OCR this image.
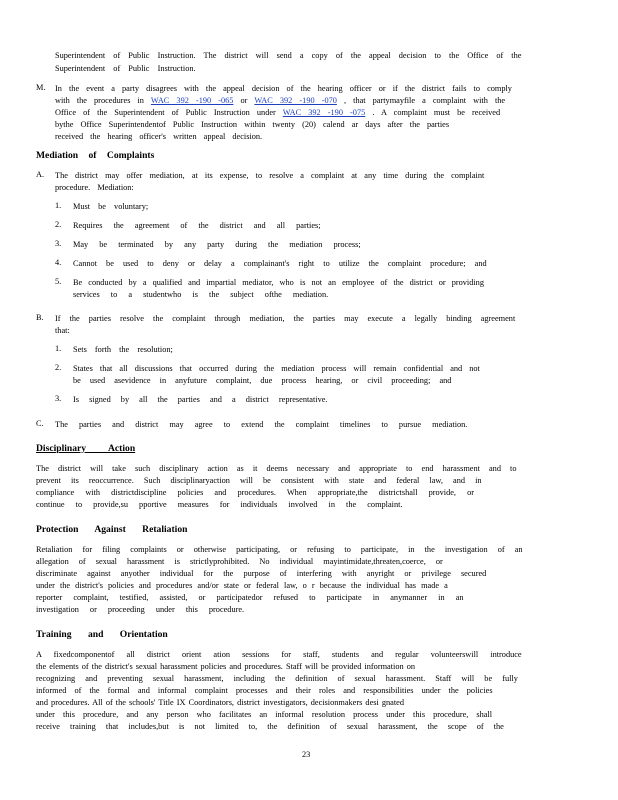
Superintendent of Public Instruction. The district will send a copy of the appeal decision to the Office of the
Superintendent of Public Instruction.
M. In the event a party disagrees with the appeal decision of the hearing officer or if the district fails to comply
with the procedures in WAC 392 -190 -065 or WAC 392 -190 -070 , that partymayfile a complaint with the
Office of the Superintendent of Public Instruction under WAC 392 -190 -075 . A complaint must be received
bythe Office Superintendentof Public Instruction within twenty (20) calend ar days after the parties
received the hearing officer's written appeal decision.
Mediation of Complaints
A. The district may offer mediation, at its expense, to resolve a complaint at any time during the complaint
procedure. Mediation:
1. Must be voluntary;
2. Requires the agreement of the district and all parties;
3. May be terminated by any party during the mediation process;
4. Cannot be used to deny or delay a complainant's right to utilize the complaint procedure; and
5. Be conducted by a qualified and impartial mediator, who is not an employee of the district or providing
services to a studentwho is the subject ofthe mediation.
B. If the parties resolve the complaint through mediation, the parties may execute a legally binding agreement
that:
1. Sets forth the resolution;
2. States that all discussions that occurred during the mediation process will remain confidential and not
be used asevidence in anyfuture complaint, due process hearing, or civil proceeding; and
3. Is signed by all the parties and a district representative.
C. The parties and district may agree to extend the complaint timelines to pursue mediation.
Disciplinary Action
The district will take such disciplinary action as it deems necessary and appropriate to end harassment and to
prevent its reoccurrence. Such disciplinaryaction will be consistent with state and federal law, and in
compliance with districtdiscipline policies and procedures. When appropriate,the districtshall provide, or
continue to provide,su pportive measures for individuals involved in the complaint.
Protection Against Retaliation
Retaliation for filing complaints or otherwise participating, or refusing to participate, in the investigation of an
allegation of sexual harassment is strictlyprohibited. No individual mayintimidate,threaten,coerce, or
discriminate against anyother individual for the purpose of interfering with anyright or privilege secured
under the district's policies and procedures and/or state or federal law, o r because the individual has made a
reporter complaint, testified, assisted, or participatedor refused to participate in anymanner in an
investigation or proceeding under this procedure.
Training and Orientation
A fixedcomponentof all district orient ation sessions for staff, students and regular volunteerswill introduce
the elements of the district's sexual harassment policies and procedures. Staff will be provided information on
recognizing and preventing sexual harassment, including the definition of sexual harassment. Staff will be fully
informed of the formal and informal complaint processes and their roles and responsibilities under the policies
and procedures. All of the schools' Title IX Coordinators, district investigators, decisionmakers desi gnated
under this procedure, and any person who facilitates an informal resolution process under this procedure, shall
receive training that includes,but is not limited to, the definition of sexual harassment, the scope of the
23
